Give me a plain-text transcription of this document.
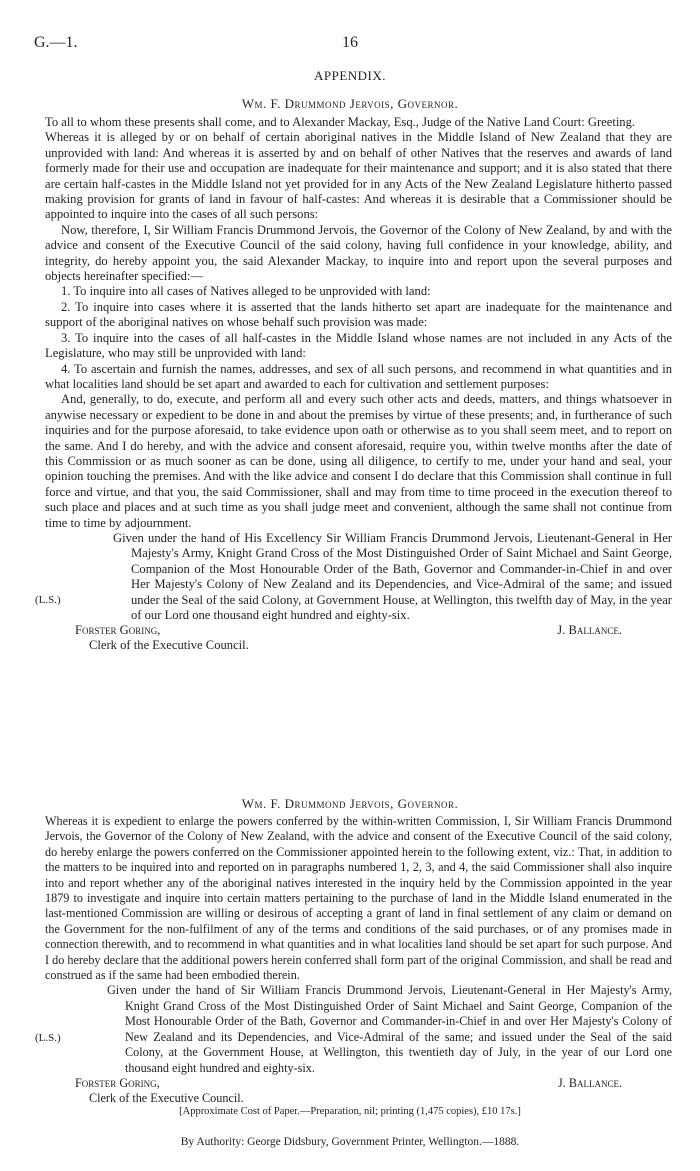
G.—1.	16
APPENDIX.
Wm. F. Drummond Jervois, Governor.

To all to whom these presents shall come, and to Alexander Mackay, Esq., Judge of the Native Land Court: Greeting.

Whereas it is alleged by or on behalf of certain aboriginal natives in the Middle Island of New Zealand that they are unprovided with land: And whereas it is asserted by and on behalf of other Natives that the reserves and awards of land formerly made for their use and occupation are inadequate for their maintenance and support; and it is also stated that there are certain half-castes in the Middle Island not yet provided for in any Acts of the New Zealand Legislature hitherto passed making provision for grants of land in favour of half-castes: And whereas it is desirable that a Commissioner should be appointed to inquire into the cases of all such persons:

Now, therefore, I, Sir William Francis Drummond Jervois, the Governor of the Colony of New Zealand, by and with the advice and consent of the Executive Council of the said colony, having full confidence in your knowledge, ability, and integrity, do hereby appoint you, the said Alexander Mackay, to inquire into and report upon the several purposes and objects hereinafter specified:—

1. To inquire into all cases of Natives alleged to be unprovided with land:

2. To inquire into cases where it is asserted that the lands hitherto set apart are inadequate for the maintenance and support of the aboriginal natives on whose behalf such provision was made:

3. To inquire into the cases of all half-castes in the Middle Island whose names are not included in any Acts of the Legislature, who may still be unprovided with land:

4. To ascertain and furnish the names, addresses, and sex of all such persons, and recommend in what quantities and in what localities land should be set apart and awarded to each for cultivation and settlement purposes:

And, generally, to do, execute, and perform all and every such other acts and deeds, matters, and things whatsoever in anywise necessary or expedient to be done in and about the premises by virtue of these presents; and, in furtherance of such inquiries and for the purpose aforesaid, to take evidence upon oath or otherwise as to you shall seem meet, and to report on the same. And I do hereby, and with the advice and consent aforesaid, require you, within twelve months after the date of this Commission or as much sooner as can be done, using all diligence, to certify to me, under your hand and seal, your opinion touching the premises. And with the like advice and consent I do declare that this Commission shall continue in full force and virtue, and that you, the said Commissioner, shall and may from time to time proceed in the execution thereof to such place and places and at such time as you shall judge meet and convenient, although the same shall not continue from time to time by adjournment.

(L.S.)

Given under the hand of His Excellency Sir William Francis Drummond Jervois, Lieutenant-General in Her Majesty's Army, Knight Grand Cross of the Most Distinguished Order of Saint Michael and Saint George, Companion of the Most Honourable Order of the Bath, Governor and Commander-in-Chief in and over Her Majesty's Colony of New Zealand and its Dependencies, and Vice-Admiral of the same; and issued under the Seal of the said Colony, at Government House, at Wellington, this twelfth day of May, in the year of our Lord one thousand eight hundred and eighty-six.

Forster Goring,	J. Ballance.

Clerk of the Executive Council.

Wm. F. Drummond Jervois, Governor.

Whereas it is expedient to enlarge the powers conferred by the within-written Commission, I, Sir William Francis Drummond Jervois, the Governor of the Colony of New Zealand, with the advice and consent of the Executive Council of the said colony, do hereby enlarge the powers conferred on the Commissioner appointed herein to the following extent, viz.: That, in addition to the matters to be inquired into and reported on in paragraphs numbered 1, 2, 3, and 4, the said Commissioner shall also inquire into and report whether any of the aboriginal natives interested in the inquiry held by the Commission appointed in the year 1879 to investigate and inquire into certain matters pertaining to the purchase of land in the Middle Island enumerated in the last-mentioned Commission are willing or desirous of accepting a grant of land in final settlement of any claim or demand on the Government for the non-fulfilment of any of the terms and conditions of the said purchases, or of any promises made in connection therewith, and to recommend in what quantities and in what localities land should be set apart for such purpose. And I do hereby declare that the additional powers herein conferred shall form part of the original Commission, and shall be read and construed as if the same had been embodied therein.

(L.S.)

Given under the hand of Sir William Francis Drummond Jervois, Lieutenant-General in Her Majesty's Army, Knight Grand Cross of the Most Distinguished Order of Saint Michael and Saint George, Companion of the Most Honourable Order of the Bath, Governor and Commander-in-Chief in and over Her Majesty's Colony of New Zealand and its Dependencies, and Vice-Admiral of the same; and issued under the Seal of the said Colony, at the Government House, at Wellington, this twentieth day of July, in the year of our Lord one thousand eight hundred and eighty-six.

Forster Goring,	J. Ballance.

Clerk of the Executive Council.

[Approximate Cost of Paper.—Preparation, nil; printing (1,475 copies), £10 17s.]
By Authority: George Didsbury, Government Printer, Wellington.—1888.
